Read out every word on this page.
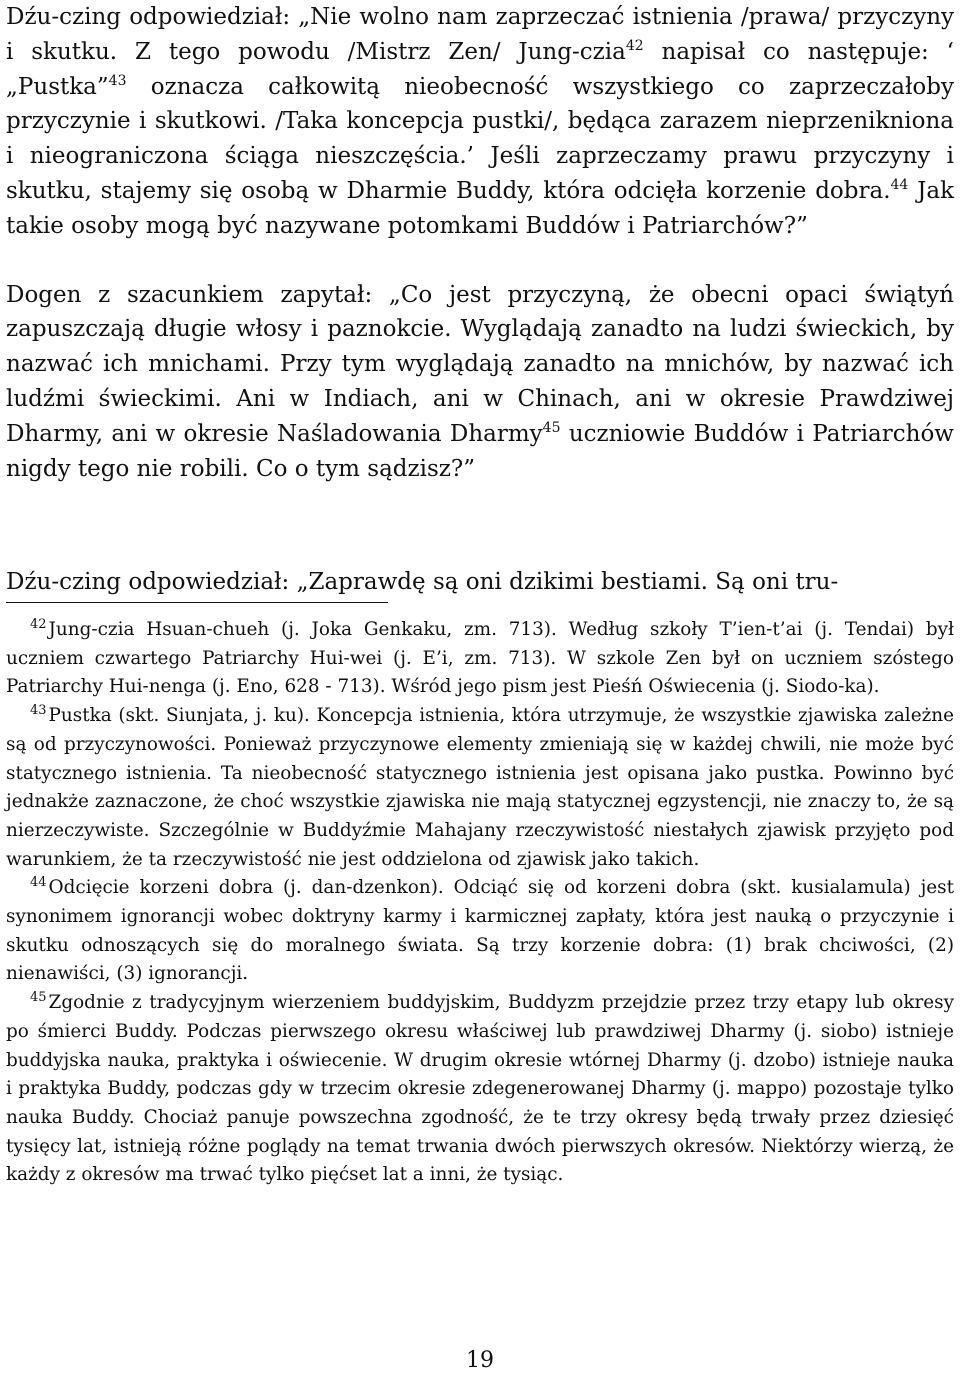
Dźu-czing odpowiedział: „Nie wolno nam zaprzeczać istnienia /prawa/ przyczyny i skutku. Z tego powodu /Mistrz Zen/ Jung-czia$^{42}$ napisał co następuje: ‘ „Pustka”$^{43}$ oznacza całkowitą nieobecność wszystkiego co zaprzeczałoby przyczynie i skutkowi. /Taka koncepcja pustki/, będąca zarazem nieprzenikniona i nieograniczona ściąga nieszczęścia.’ Jeśli zaprzeczamy prawu przyczyny i skutku, stajemy się osobą w Dharmie Buddy, która odcięła korzenie dobra.$^{44}$ Jak takie osoby mogą być nazywane potomkami Buddów i Patriarchów?”

Dogen z szacunkiem zapytał: „Co jest przyczyną, że obecni opaci świątyń zapuszczają długie włosy i paznokcie. Wyglądają zanadto na ludzi świeckich, by nazwać ich mnichami. Przy tym wyglądają zanadto na mnichów, by nazwać ich ludźmi świeckimi. Ani w Indiach, ani w Chinach, ani w okresie Prawdziwej Dharmy, ani w okresie Naśladowania Dharmy$^{45}$ uczniowie Buddów i Patriarchów nigdy tego nie robili. Co o tym sądzisz?”

Dźu-czing odpowiedział: „Zaprawdę są oni dzikimi bestiami. Są oni tru-

42 Jung-czia Hsuan-chueh (j. Joka Genkaku, zm. 713). Według szkoły T’ien-t’ai (j. Tendai) był uczniem czwartego Patriarchy Hui-wei (j. E’i, zm. 713). W szkole Zen był on uczniem szóstego Patriarchy Hui-nenga (j. Eno, 628 - 713). Wśród jego pism jest Pieśń Oświecenia (j. Siodo-ka).

43 Pustka (skt. Siunjata, j. ku). Koncepcja istnienia, która utrzymuje, że wszystkie zjawiska zależne są od przyczynowości. Ponieważ przyczynowe elementy zmieniają się w każdej chwili, nie może być statycznego istnienia. Ta nieobecność statycznego istnienia jest opisana jako pustka. Powinno być jednakże zaznaczone, że choć wszystkie zjawiska nie mają statycznej egzystencji, nie znaczy to, że są nierzeczywiste. Szczególnie w Buddyźmie Mahajany rzeczywistość niestałych zjawisk przyjęto pod warunkiem, że ta rzeczywistość nie jest oddzielona od zjawisk jako takich.

44 Odcięcie korzeni dobra (j. dan-dzenkon). Odciąć się od korzeni dobra (skt. kusialamula) jest synonimem ignorancji wobec doktryny karmy i karmicznej zapłaty, która jest nauką o przyczynie i skutku odnoszących się do moralnego świata. Są trzy korzenie dobra: (1) brak chciwości, (2) nienawiści, (3) ignorancji.

45 Zgodnie z tradycyjnym wierzeniem buddyjskim, Buddyzm przejdzie przez trzy etapy lub okresy po śmierci Buddy. Podczas pierwszego okresu właściwej lub prawdziwej Dharmy (j. siobo) istnieje buddyjska nauka, praktyka i oświecenie. W drugim okresie wtórnej Dharmy (j. dzobo) istnieje nauka i praktyka Buddy, podczas gdy w trzecim okresie zdegenerowanej Dharmy (j. mappo) pozostaje tylko nauka Buddy. Chociaż panuje powszechna zgodność, że te trzy okresy będą trwały przez dziesięć tysięcy lat, istnieją różne poglądy na temat trwania dwóch pierwszych okresów. Niektórzy wierzą, że każdy z okresów ma trwać tylko pięćset lat a inni, że tysiąc.

19
